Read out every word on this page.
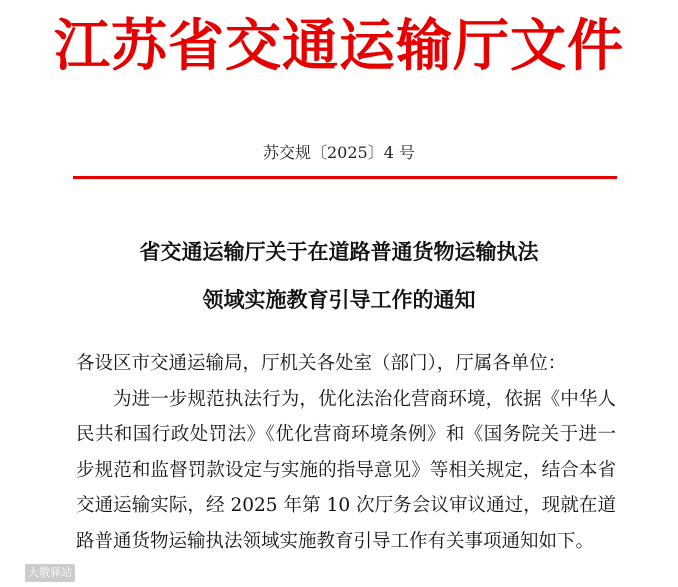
江苏省交通运输厅文件
苏交规〔2025〕4 号
省交通运输厅关于在道路普通货物运输执法
领域实施教育引导工作的通知

各设区市交通运输局，厅机关各处室（部门），厅属各单位：

为进一步规范执法行为，优化法治化营商环境，依据《中华人民共和国行政处罚法》《优化营商环境条例》和《国务院关于进一步规范和监督罚款设定与实施的指导意见》等相关规定，结合本省交通运输实际，经 2025 年第 10 次厅务会议审议通过，现就在道路普通货物运输执法领域实施教育引导工作有关事项通知如下。

大敬驿站
